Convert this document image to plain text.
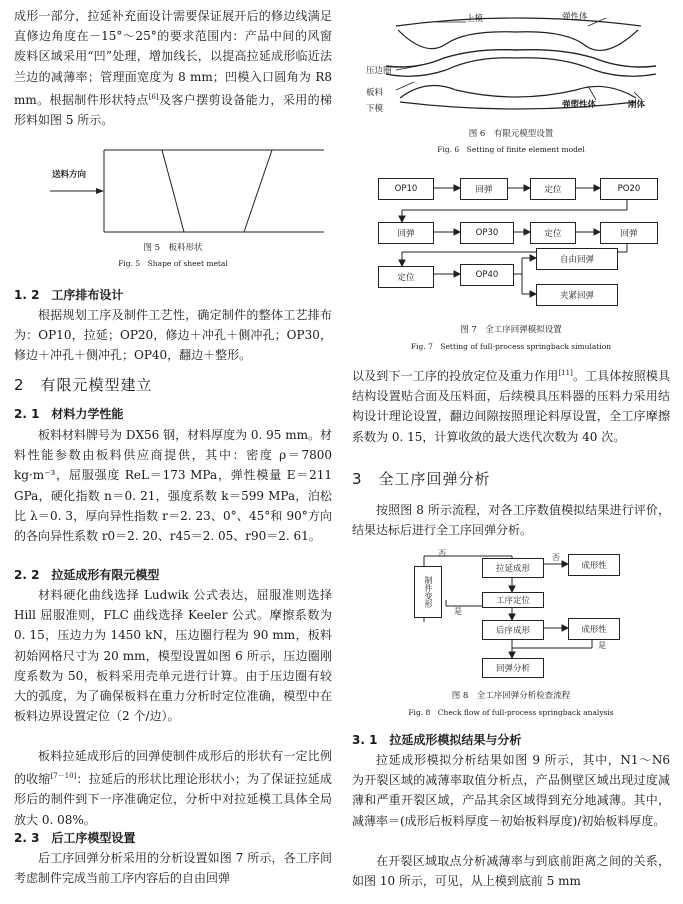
成形一部分，拉延补充面设计需要保证展开后的修边线满足直修边角度在－15°～25°的要求范围内：产品中间的风窗废料区域采用“凹”处理，增加线长，以提高拉延成形临近法兰边的减薄率；管理面宽度为 8 mm；凹模入口圆角为 R8 mm。根据制件形状特点[6]及客户摆剪设备能力，采用的梯形料如图 5 所示。

送料方向

图 5　板料形状

Fig. 5　Shape of sheet metal

1. 2　工序排布设计

根据规划工序及制件工艺性，确定制件的整体工艺排布为：OP10，拉延；OP20，修边＋冲孔＋侧冲孔；OP30，修边＋冲孔＋侧冲孔；OP40，翻边＋整形。

2　有限元模型建立

2. 1　材料力学性能

板料材料牌号为 DX56 钢，材料厚度为 0. 95 mm。材料性能参数由板料供应商提供，其中：密度 ρ＝7800 kg·m⁻³，屈服强度 ReL＝173 MPa，弹性模量 E＝211 GPa，硬化指数 n＝0. 21，强度系数 k＝599 MPa，泊松比 λ＝0. 3，厚向异性指数 r＝2. 23、0°、45°和 90°方向的各向异性系数 r0＝2. 20、r45＝2. 05、r90＝2. 61。

2. 2　拉延成形有限元模型

材料硬化曲线选择 Ludwik 公式表达，屈服准则选择 Hill 屈服准则，FLC 曲线选择 Keeler 公式。摩擦系数为 0. 15，压边力为 1450 kN，压边圈行程为 90 mm，板料初始网格尺寸为 20 mm，模型设置如图 6 所示，压边圈刚度系数为 50，板料采用壳单元进行计算。由于压边圈有较大的弧度，为了确保板料在重力分析时定位准确，模型中在板料边界设置定位（2 个/边）。

板料拉延成形后的回弹使制件成形后的形状有一定比例的收缩[7－10]：拉延后的形状比理论形状小；为了保证拉延成形后的制件到下一序准确定位，分析中对拉延模工具体全局放大 0. 08%。

2. 3　后工序模型设置

后工序回弹分析采用的分析设置如图 7 所示，各工序间考虑制件完成当前工序内容后的自由回弹

上模	弹性体
压边圈
板料
下模	弹塑性体	刚体

图 6　有限元模型设置

Fig. 6　Setting of finite element model

OP10	回弹	定位	PO20
回弹	OP30	定位	回弹
定位	OP40
自由回弹
夹紧回弹

图 7　全工序回弹模拟设置

Fig. 7　Setting of full-process springback simulation

以及到下一工序的投放定位及重力作用[11]。工具体按照模具结构设置贴合面及压料面，后续模具压料器的压料力采用结构设计理论设置，翻边间隙按照理论料厚设置，全工序摩擦系数为 0. 15，计算收敛的最大迭代次数为 40 次。

3　全工序回弹分析

按照图 8 所示流程，对各工序数值模拟结果进行评价，结果达标后进行全工序回弹分析。

制件变形
拉延成形	成形性
工序定位
后序成形	成形性
回弹分析
否	否
是
是

图 8　全工序回弹分析检查流程

Fig. 8　Check flow of full-process springback analysis

3. 1　拉延成形模拟结果与分析

拉延成形模拟分析结果如图 9 所示，其中，N1～N6 为开裂区域的减薄率取值分析点，产品侧壁区域出现过度减薄和严重开裂区域，产品其余区域得到充分地减薄。其中，减薄率＝(成形后板料厚度－初始板料厚度)/初始板料厚度。

在开裂区域取点分析减薄率与到底前距离之间的关系，如图 10 所示，可见，从上模到底前 5 mm
